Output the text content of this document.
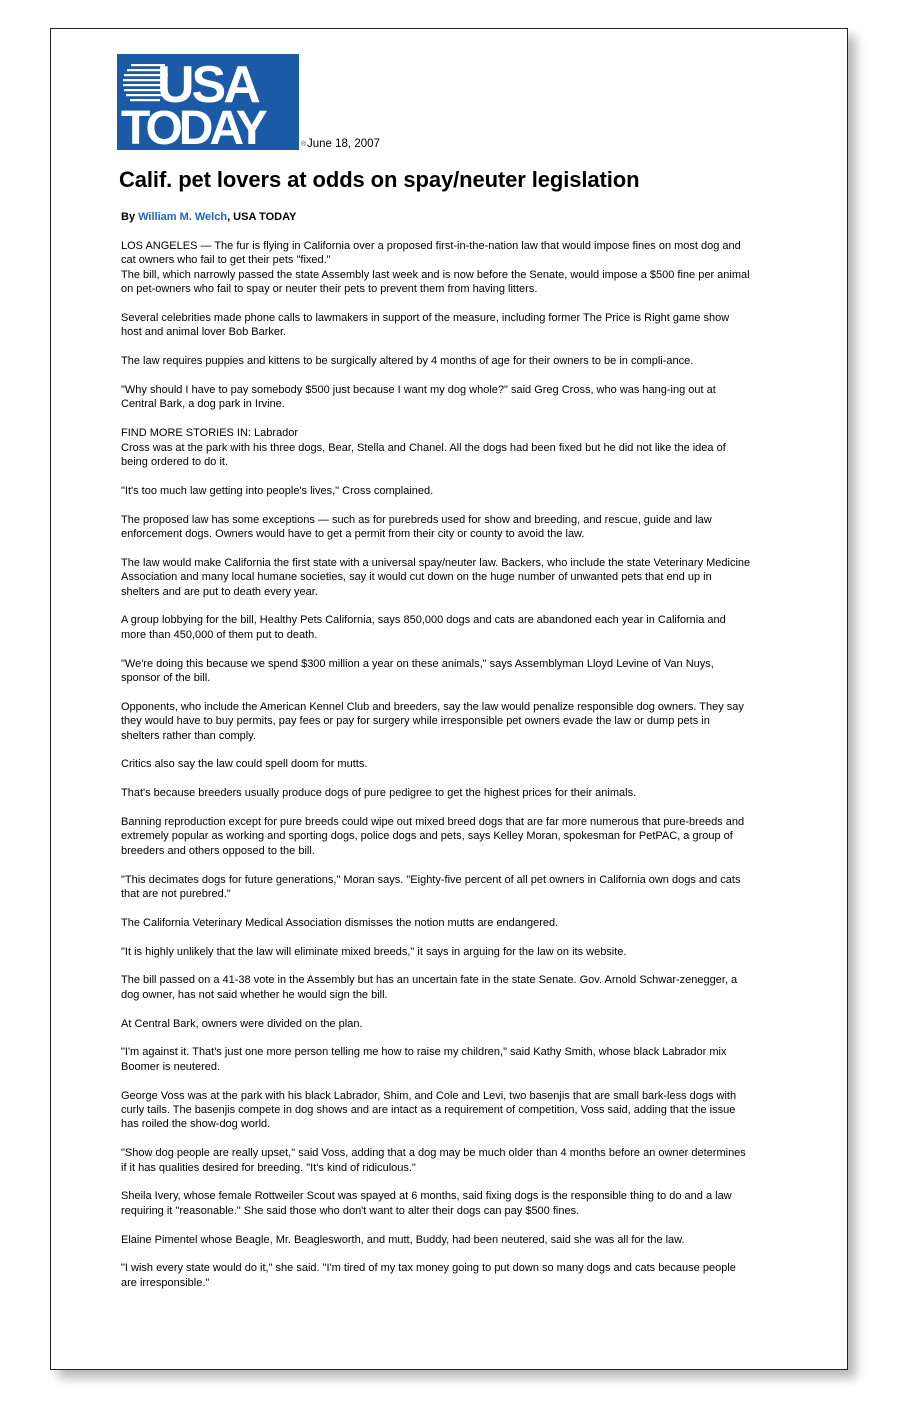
USA
TODAY	® June 18, 2007
Calif. pet lovers at odds on spay/neuter legislation
By William M. Welch, USA TODAY

LOS ANGELES — The fur is flying in California over a proposed first-in-the-nation law that would impose fines on most dog and cat owners who fail to get their pets "fixed."

The bill, which narrowly passed the state Assembly last week and is now before the Senate, would impose a $500 fine per animal on pet-owners who fail to spay or neuter their pets to prevent them from having litters.

Several celebrities made phone calls to lawmakers in support of the measure, including former The Price is Right game show host and animal lover Bob Barker.

The law requires puppies and kittens to be surgically altered by 4 months of age for their owners to be in compli-ance.

"Why should I have to pay somebody $500 just because I want my dog whole?" said Greg Cross, who was hang-ing out at Central Bark, a dog park in Irvine.

FIND MORE STORIES IN: Labrador

Cross was at the park with his three dogs, Bear, Stella and Chanel. All the dogs had been fixed but he did not like the idea of being ordered to do it.

"It's too much law getting into people's lives," Cross complained.

The proposed law has some exceptions — such as for purebreds used for show and breeding, and rescue, guide and law enforcement dogs. Owners would have to get a permit from their city or county to avoid the law.

The law would make California the first state with a universal spay/neuter law. Backers, who include the state Veterinary Medicine Association and many local humane societies, say it would cut down on the huge number of unwanted pets that end up in shelters and are put to death every year.

A group lobbying for the bill, Healthy Pets California, says 850,000 dogs and cats are abandoned each year in California and more than 450,000 of them put to death.

"We're doing this because we spend $300 million a year on these animals," says Assemblyman Lloyd Levine of Van Nuys, sponsor of the bill.

Opponents, who include the American Kennel Club and breeders, say the law would penalize responsible dog owners. They say they would have to buy permits, pay fees or pay for surgery while irresponsible pet owners evade the law or dump pets in shelters rather than comply.

Critics also say the law could spell doom for mutts.

That's because breeders usually produce dogs of pure pedigree to get the highest prices for their animals.

Banning reproduction except for pure breeds could wipe out mixed breed dogs that are far more numerous that pure-breeds and extremely popular as working and sporting dogs, police dogs and pets, says Kelley Moran, spokesman for PetPAC, a group of breeders and others opposed to the bill.

"This decimates dogs for future generations," Moran says. "Eighty-five percent of all pet owners in California own dogs and cats that are not purebred."

The California Veterinary Medical Association dismisses the notion mutts are endangered.

"It is highly unlikely that the law will eliminate mixed breeds," it says in arguing for the law on its website.

The bill passed on a 41-38 vote in the Assembly but has an uncertain fate in the state Senate. Gov. Arnold Schwar-zenegger, a dog owner, has not said whether he would sign the bill.

At Central Bark, owners were divided on the plan.

"I'm against it. That's just one more person telling me how to raise my children," said Kathy Smith, whose black Labrador mix Boomer is neutered.

George Voss was at the park with his black Labrador, Shim, and Cole and Levi, two basenjis that are small bark-less dogs with curly tails. The basenjis compete in dog shows and are intact as a requirement of competition, Voss said, adding that the issue has roiled the show-dog world.

"Show dog people are really upset," said Voss, adding that a dog may be much older than 4 months before an owner determines if it has qualities desired for breeding. "It's kind of ridiculous."

Sheila Ivery, whose female Rottweiler Scout was spayed at 6 months, said fixing dogs is the responsible thing to do and a law requiring it "reasonable." She said those who don't want to alter their dogs can pay $500 fines.

Elaine Pimentel whose Beagle, Mr. Beaglesworth, and mutt, Buddy, had been neutered, said she was all for the law.

"I wish every state would do it," she said. "I'm tired of my tax money going to put down so many dogs and cats because people are irresponsible."
